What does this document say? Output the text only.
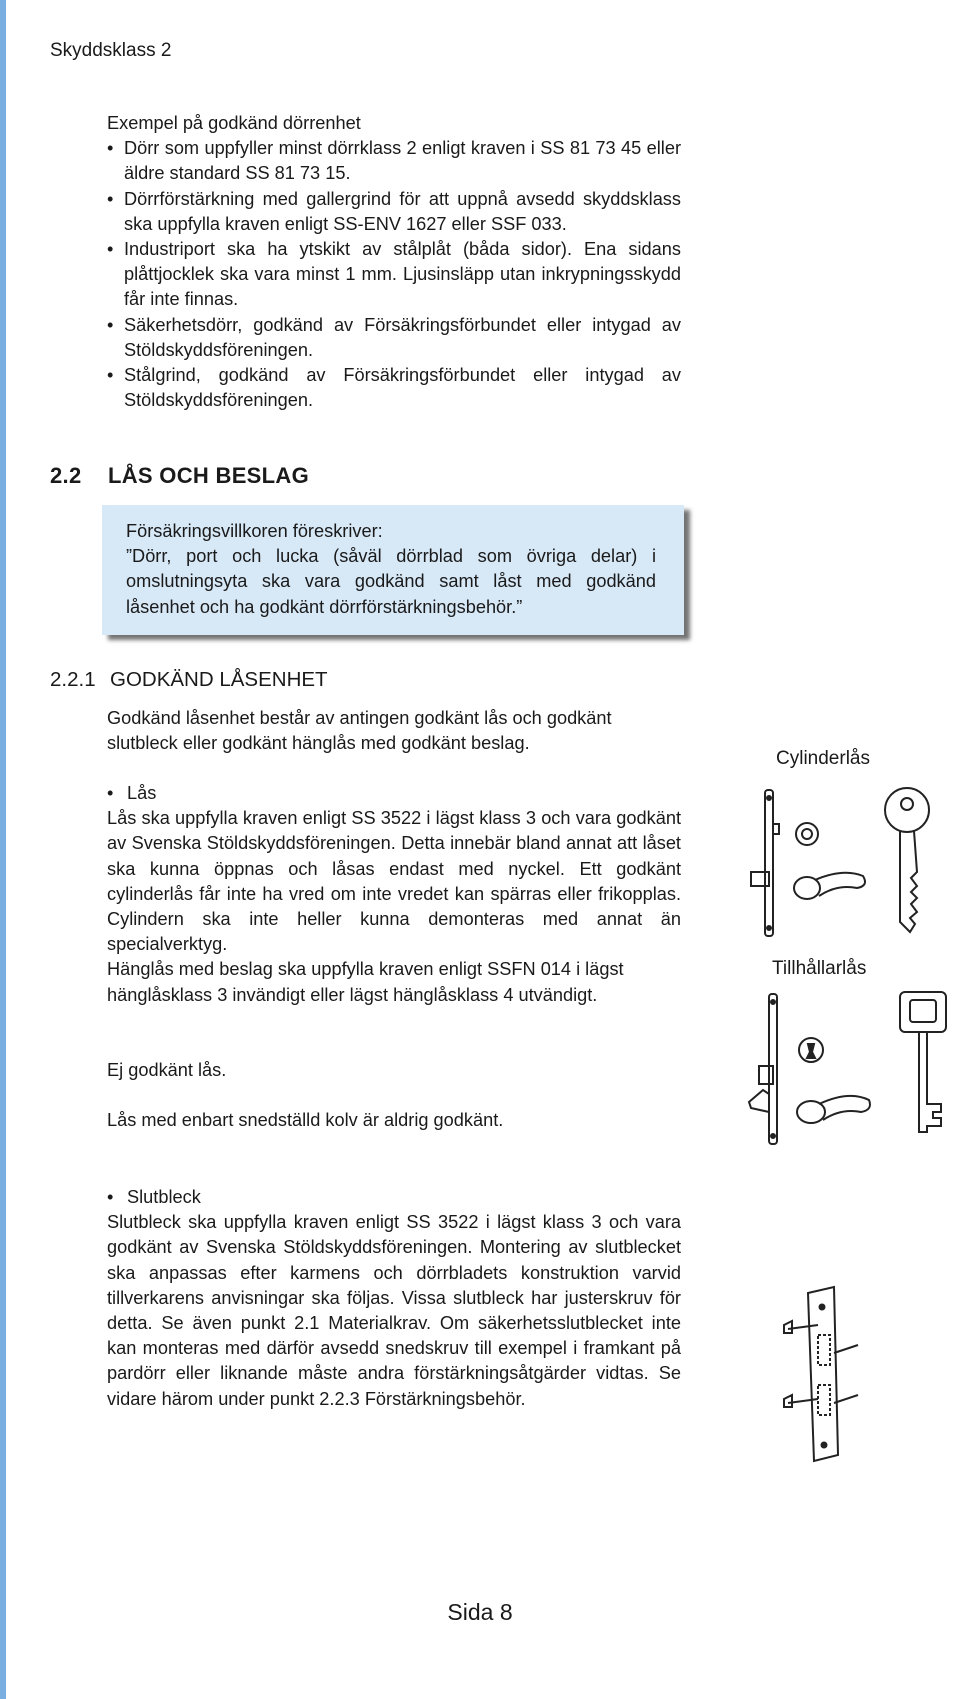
Skyddsklass 2
Exempel på godkänd dörrenhet
• Dörr som uppfyller minst dörrklass 2 enligt kraven i SS 81 73 45 eller äldre standard SS 81 73 15.
• Dörrförstärkning med gallergrind för att uppnå avsedd skyddsklass ska uppfylla kraven enligt SS-ENV 1627 eller SSF 033.
• Industriport ska ha ytskikt av stålplåt (båda sidor). Ena sidans plåttjocklek ska vara minst 1 mm. Ljusinsläpp utan inkrypningsskydd får inte finnas.
• Säkerhetsdörr, godkänd av Försäkringsförbundet eller intygad av Stöldskyddsföreningen.
• Stålgrind, godkänd av Försäkringsförbundet eller intygad av Stöldskyddsföreningen.
2.2 LÅS OCH BESLAG
Försäkringsvillkoren föreskriver:
”Dörr, port och lucka (såväl dörrblad som övriga delar) i omslutningsyta ska vara godkänd samt låst med godkänd låsenhet och ha godkänt dörrförstärkningsbehör.”
2.2.1 GODKÄND LÅSENHET
Godkänd låsenhet består av antingen godkänt lås och godkänt slutbleck eller godkänt hänglås med godkänt beslag.
• Lås
Lås ska uppfylla kraven enligt SS 3522 i lägst klass 3 och vara godkänt av Svenska Stöldskyddsföreningen. Detta innebär bland annat att låset ska kunna öppnas och låsas endast med nyckel. Ett godkänt cylinderlås får inte ha vred om inte vredet kan spärras eller frikopplas. Cylindern ska inte heller kunna demonteras med annat än specialverktyg.
Hänglås med beslag ska uppfylla kraven enligt SSFN 014 i lägst hänglåsklass 3 invändigt eller lägst hänglåsklass 4 utvändigt.
Ej godkänt lås.
Lås med enbart snedställd kolv är aldrig godkänt.
• Slutbleck
Slutbleck ska uppfylla kraven enligt SS 3522 i lägst klass 3 och vara godkänt av Svenska Stöldskyddsföreningen. Montering av slutblecket ska anpassas efter karmens och dörrbladets konstruktion varvid tillverkarens anvisningar ska följas. Vissa slutbleck har justerskruv för detta. Se även punkt 2.1 Materialkrav. Om säkerhetsslutblecket inte kan monteras med därför avsedd snedskruv till exempel i framkant på pardörr eller liknande måste andra förstärkningsåtgärder vidtas. Se vidare härom under punkt 2.2.3 Förstärkningsbehör.
Cylinderlås
Tillhållarlås
Sida 8
